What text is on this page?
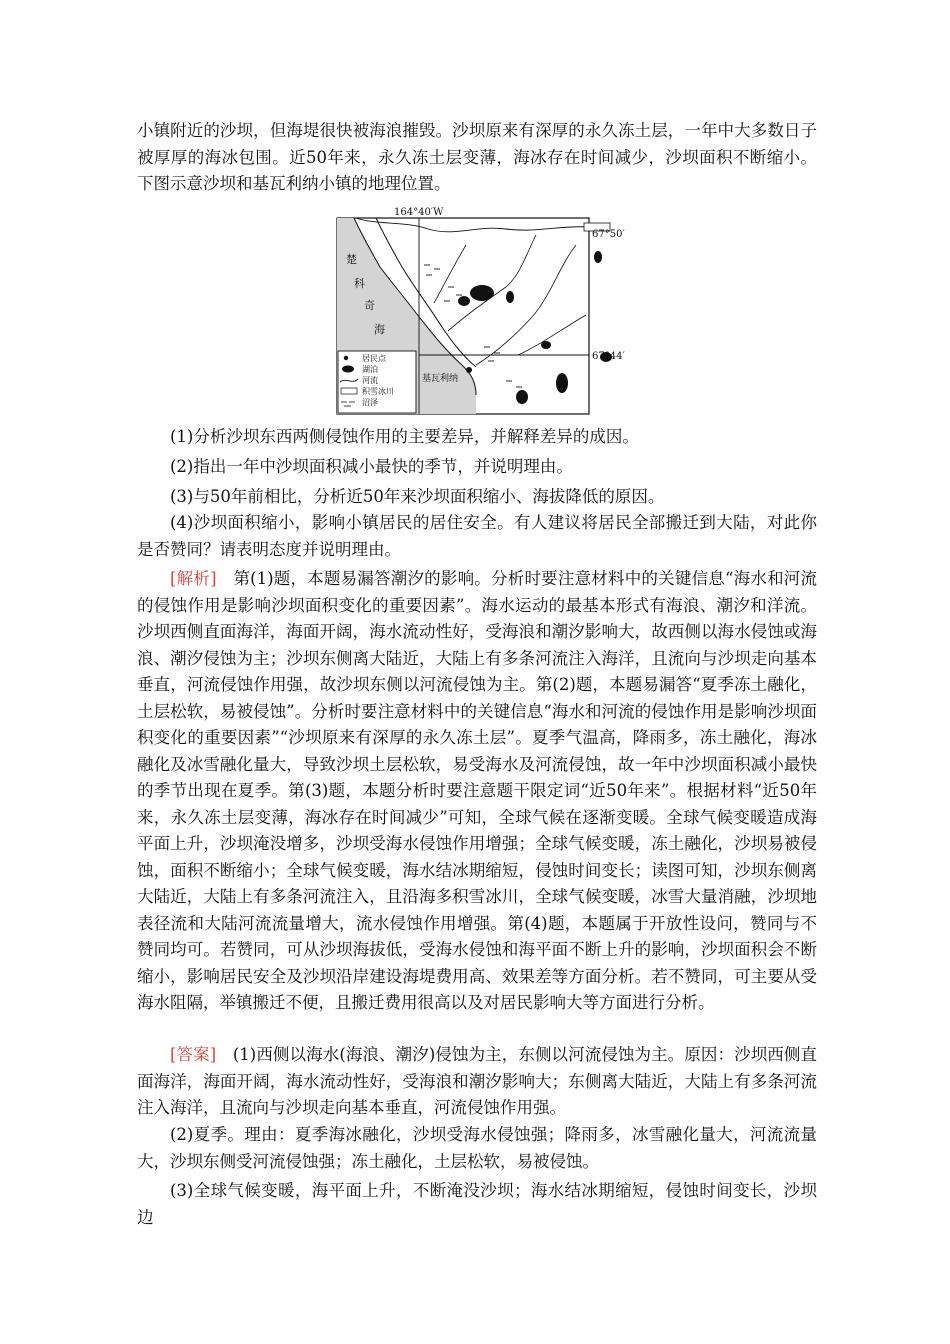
小镇附近的沙坝，但海堤很快被海浪摧毁。沙坝原来有深厚的永久冻土层，一年中大多数日子被厚厚的海冰包围。近50年来，永久冻土层变薄，海冰存在时间减少，沙坝面积不断缩小。下图示意沙坝和基瓦利纳小镇的地理位置。

164°40′W
67°50′
67°44′
楚
科
奇
海
基瓦利纳
居民点
湖泊
河流
积雪冰川
沼泽

(1)分析沙坝东西两侧侵蚀作用的主要差异，并解释差异的成因。

(2)指出一年中沙坝面积减小最快的季节，并说明理由。

(3)与50年前相比，分析近50年来沙坝面积缩小、海拔降低的原因。

(4)沙坝面积缩小，影响小镇居民的居住安全。有人建议将居民全部搬迁到大陆，对此你是否赞同？请表明态度并说明理由。

[解析]　第(1)题，本题易漏答潮汐的影响。分析时要注意材料中的关键信息“海水和河流的侵蚀作用是影响沙坝面积变化的重要因素”。海水运动的最基本形式有海浪、潮汐和洋流。沙坝西侧直面海洋，海面开阔，海水流动性好，受海浪和潮汐影响大，故西侧以海水侵蚀或海浪、潮汐侵蚀为主；沙坝东侧离大陆近，大陆上有多条河流注入海洋，且流向与沙坝走向基本垂直，河流侵蚀作用强，故沙坝东侧以河流侵蚀为主。第(2)题，本题易漏答“夏季冻土融化，土层松软，易被侵蚀”。分析时要注意材料中的关键信息“海水和河流的侵蚀作用是影响沙坝面积变化的重要因素”“沙坝原来有深厚的永久冻土层”。夏季气温高，降雨多，冻土融化，海冰融化及冰雪融化量大，导致沙坝土层松软，易受海水及河流侵蚀，故一年中沙坝面积减小最快的季节出现在夏季。第(3)题，本题分析时要注意题干限定词“近50年来”。根据材料“近50年来，永久冻土层变薄，海冰存在时间减少”可知，全球气候在逐渐变暖。全球气候变暖造成海平面上升，沙坝淹没增多，沙坝受海水侵蚀作用增强；全球气候变暖，冻土融化，沙坝易被侵蚀，面积不断缩小；全球气候变暖，海水结冰期缩短，侵蚀时间变长；读图可知，沙坝东侧离大陆近，大陆上有多条河流注入，且沿海多积雪冰川，全球气候变暖，冰雪大量消融，沙坝地表径流和大陆河流流量增大，流水侵蚀作用增强。第(4)题，本题属于开放性设问，赞同与不赞同均可。若赞同，可从沙坝海拔低，受海水侵蚀和海平面不断上升的影响，沙坝面积会不断缩小，影响居民安全及沙坝沿岸建设海堤费用高、效果差等方面分析。若不赞同，可主要从受海水阻隔，举镇搬迁不便，且搬迁费用很高以及对居民影响大等方面进行分析。

[答案]　(1)西侧以海水(海浪、潮汐)侵蚀为主，东侧以河流侵蚀为主。原因：沙坝西侧直面海洋，海面开阔，海水流动性好，受海浪和潮汐影响大；东侧离大陆近，大陆上有多条河流注入海洋，且流向与沙坝走向基本垂直，河流侵蚀作用强。

(2)夏季。理由：夏季海冰融化，沙坝受海水侵蚀强；降雨多，冰雪融化量大，河流流量大，沙坝东侧受河流侵蚀强；冻土融化，土层松软，易被侵蚀。

(3)全球气候变暖，海平面上升，不断淹没沙坝；海水结冰期缩短，侵蚀时间变长，沙坝边
